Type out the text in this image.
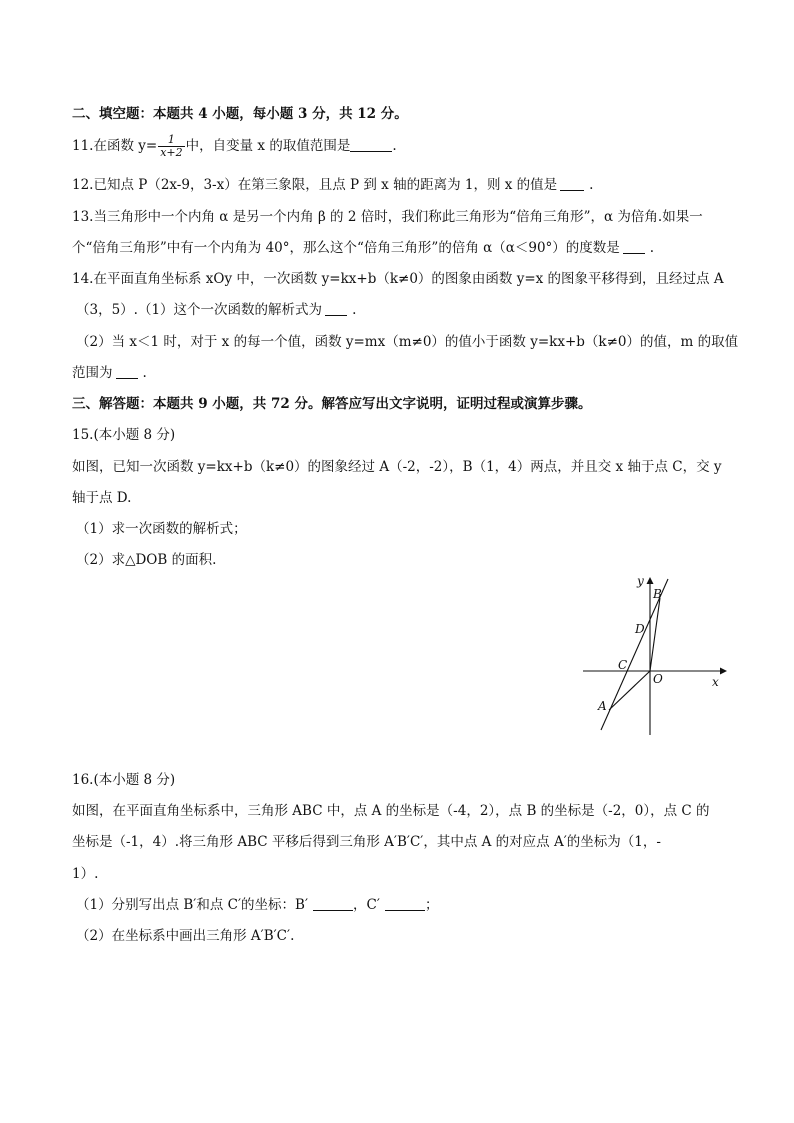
二、填空题：本题共 4 小题，每小题 3 分，共 12 分。
11.在函数 $y= \frac{1}{x+2}$ 中，自变量 x 的取值范围是	.
12.已知点 P（2x-9，3-x）在第三象限，且点 P 到 x 轴的距离为 1，则 x 的值是 .
13.当三角形中一个内角 α 是另一个内角 β 的 2 倍时，我们称此三角形为“倍角三角形”，α 为倍角.如果一
个“倍角三角形”中有一个内角为 40°，那么这个“倍角三角形”的倍角 α（α＜90°）的度数是 .
14.在平面直角坐标系 xOy 中，一次函数 y=kx+b（k≠0）的图象由函数 y=x 的图象平移得到，且经过点 A
（3，5）.（1）这个一次函数的解析式为 .
（2）当 x＜1 时，对于 x 的每一个值，函数 y=mx（m≠0）的值小于函数 y=kx+b（k≠0）的值，m 的取值
范围为 .
三、解答题：本题共 9 小题，共 72 分。解答应写出文字说明，证明过程或演算步骤。
15.(本小题 8 分)
如图，已知一次函数 y=kx+b（k≠0）的图象经过 A（-2，-2），B（1，4）两点，并且交 x 轴于点 C，交 y
轴于点 D.
（1）求一次函数的解析式；
（2）求△DOB 的面积.
y
B
D
C
O	x
A
16.(本小题 8 分)
如图，在平面直角坐标系中，三角形 ABC 中，点 A 的坐标是（-4，2），点 B 的坐标是（-2，0），点 C 的
坐标是（-1，4）.将三角形 ABC 平移后得到三角形 A′B′C′，其中点 A 的对应点 A′的坐标为（1，-
1）.
（1）分别写出点 B′和点 C′的坐标：B′	，C′	；
（2）在坐标系中画出三角形 A′B′C′.
